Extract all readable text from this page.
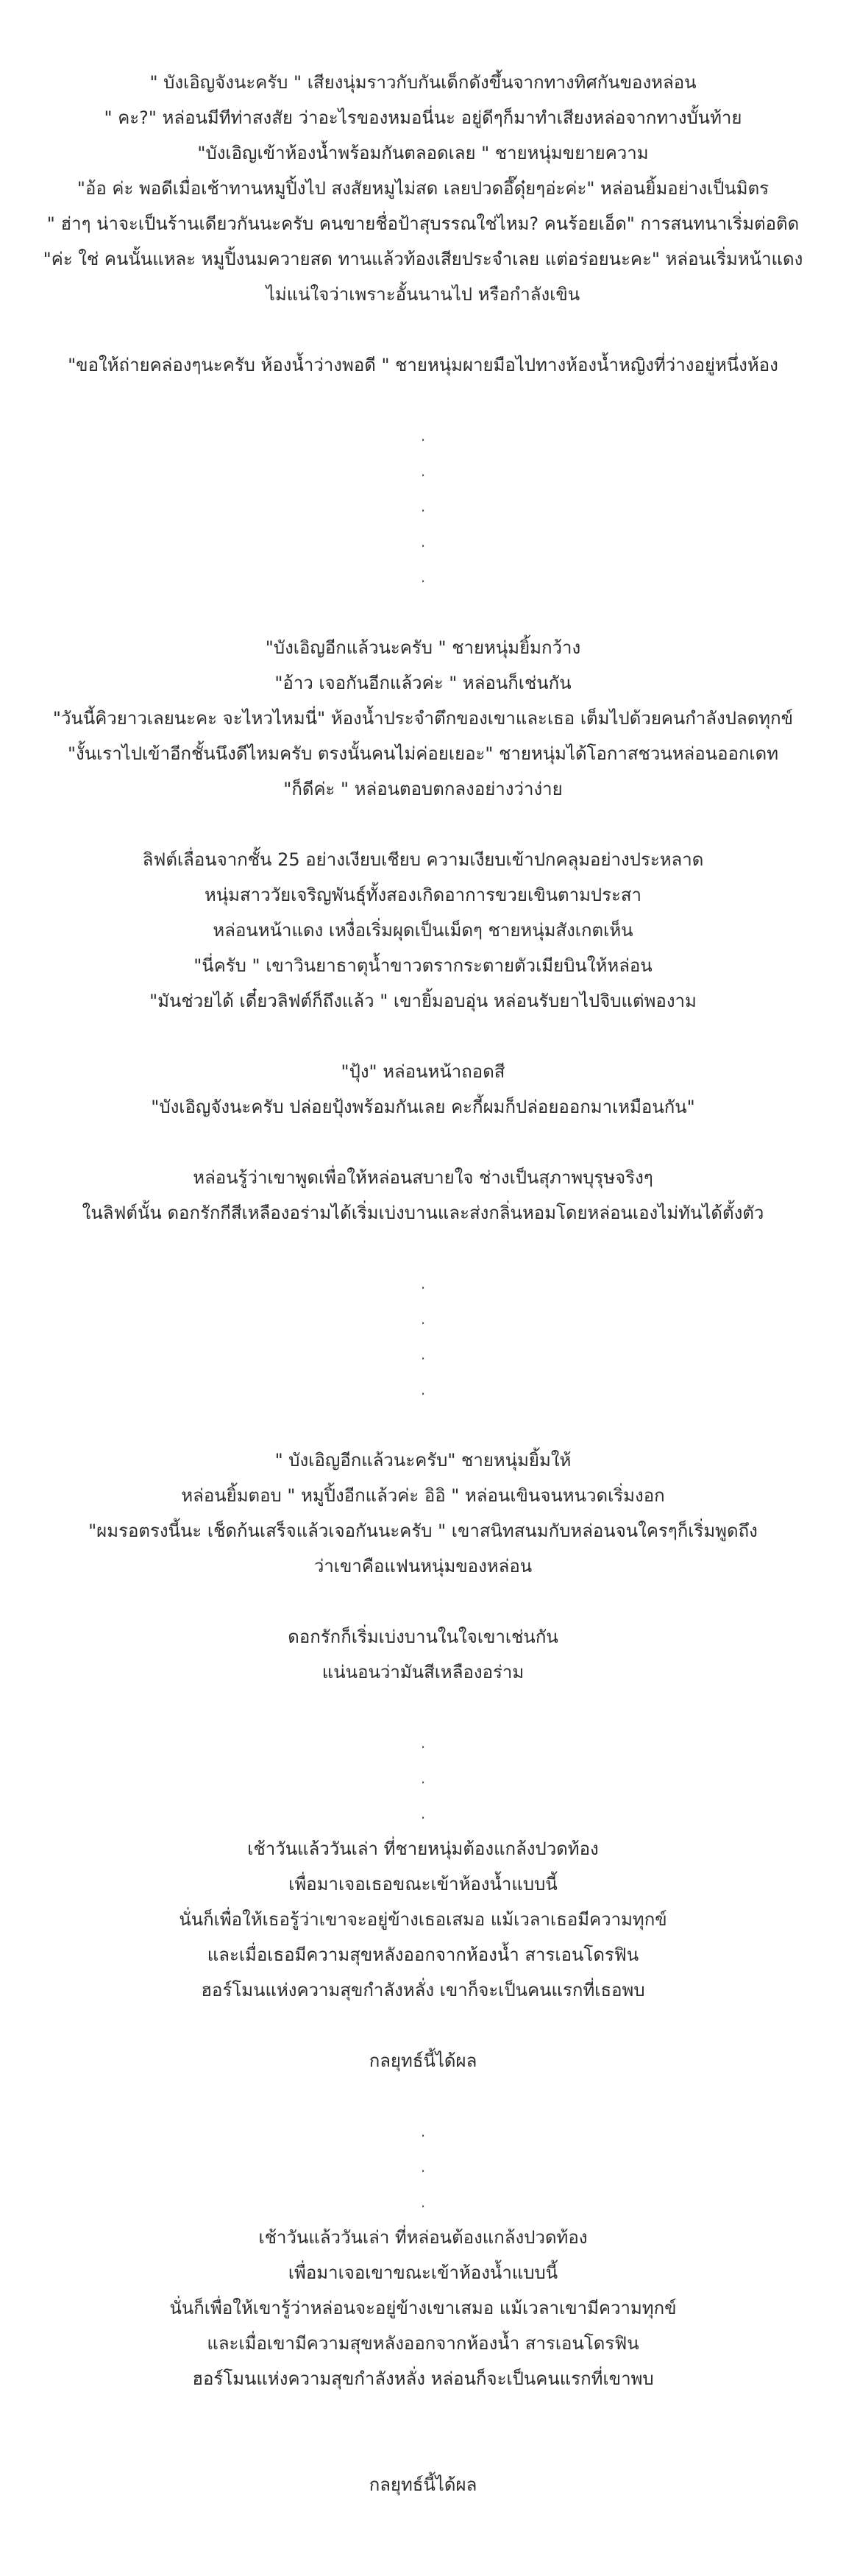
" บังเอิญจังนะครับ " เสียงนุ่มราวกับกันเด็กดังขึ้นจากทางทิศกันของหล่อน

" คะ?" หล่อนมีทีท่าสงสัย ว่าอะไรของหมอนี่นะ อยู่ดีๆก็มาทำเสียงหล่อจากทางบั้นท้าย

"บังเอิญเข้าห้องน้ำพร้อมกันตลอดเลย " ชายหนุ่มขยายความ

"อ้อ ค่ะ พอดีเมื่อเช้าทานหมูปิ้งไป สงสัยหมูไม่สด เลยปวดอึ๊ดุ๋ยๆอ่ะค่ะ" หล่อนยิ้มอย่างเป็นมิตร

" ฮ่าๆ น่าจะเป็นร้านเดียวกันนะครับ คนขายชื่อป้าสุบรรณใช่ไหม? คนร้อยเอ็ด" การสนทนาเริ่มต่อติด

"ค่ะ ใช่ คนนั้นแหละ หมูปิ้งนมควายสด ทานแล้วท้องเสียประจำเลย แต่อร่อยนะคะ" หล่อนเริ่มหน้าแดง

ไม่แน่ใจว่าเพราะอั้นนานไป หรือกำลังเขิน

"ขอให้ถ่ายคล่องๆนะครับ ห้องน้ำว่างพอดี " ชายหนุ่มผายมือไปทางห้องน้ำหญิงที่ว่างอยู่หนึ่งห้อง

.

.

.

.

.

"บังเอิญอีกแล้วนะครับ " ชายหนุ่มยิ้มกว้าง

"อ้าว เจอกันอีกแล้วค่ะ " หล่อนก็เช่นกัน

"วันนี้คิวยาวเลยนะคะ จะไหวไหมนี่" ห้องน้ำประจำตึกของเขาและเธอ เต็มไปด้วยคนกำลังปลดทุกข์

"งั้นเราไปเข้าอีกชั้นนึงดีไหมครับ ตรงนั้นคนไม่ค่อยเยอะ" ชายหนุ่มได้โอกาสชวนหล่อนออกเดท

"ก็ดีค่ะ " หล่อนตอบตกลงอย่างว่าง่าย

ลิฟต์เลื่อนจากชั้น 25 อย่างเงียบเชียบ ความเงียบเข้าปกคลุมอย่างประหลาด

หนุ่มสาววัยเจริญพันธุ์ทั้งสองเกิดอาการขวยเขินตามประสา

หล่อนหน้าแดง เหงื่อเริ่มผุดเป็นเม็ดๆ ชายหนุ่มสังเกตเห็น

"นี่ครับ " เขาวินยาธาตุน้ำขาวตรากระตายตัวเมียบินให้หล่อน

"มันช่วยได้ เดี๋ยวลิฟต์ก็ถึงแล้ว " เขายิ้มอบอุ่น หล่อนรับยาไปจิบแต่พองาม

"ปุ้ง" หล่อนหน้าถอดสี

"บังเอิญจังนะครับ ปล่อยปุ้งพร้อมกันเลย คะกี้ผมก็ปล่อยออกมาเหมือนกัน"

หล่อนรู้ว่าเขาพูดเพื่อให้หล่อนสบายใจ ช่างเป็นสุภาพบุรุษจริงๆ

ในลิฟต์นั้น ดอกรักกีสีเหลืองอร่ามได้เริ่มเบ่งบานและส่งกลิ่นหอมโดยหล่อนเองไม่ทันได้ตั้งตัว

.

.

.

.

" บังเอิญอีกแล้วนะครับ" ชายหนุ่มยิ้มให้

หล่อนยิ้มตอบ " หมูปิ้งอีกแล้วค่ะ อิอิ " หล่อนเขินจนหนวดเริ่มงอก

"ผมรอตรงนี้นะ เช็ดก้นเสร็จแล้วเจอกันนะครับ " เขาสนิทสนมกับหล่อนจนใครๆก็เริ่มพูดถึง

ว่าเขาคือแฟนหนุ่มของหล่อน

ดอกรักก็เริ่มเบ่งบานในใจเขาเช่นกัน

แน่นอนว่ามันสีเหลืองอร่าม

.

.

.

เช้าวันแล้ววันเล่า ที่ชายหนุ่มต้องแกล้งปวดท้อง

เพื่อมาเจอเธอขณะเข้าห้องน้ำแบบนี้

นั่นก็เพื่อให้เธอรู้ว่าเขาจะอยู่ข้างเธอเสมอ แม้เวลาเธอมีความทุกข์

และเมื่อเธอมีความสุขหลังออกจากห้องน้ำ สารเอนโดรฟิน

ฮอร์โมนแห่งความสุขกำลังหลั่ง เขาก็จะเป็นคนแรกที่เธอพบ

กลยุทธ์นี้ได้ผล

.

.

.

เช้าวันแล้ววันเล่า ที่หล่อนต้องแกล้งปวดท้อง

เพื่อมาเจอเขาขณะเข้าห้องน้ำแบบนี้

นั่นก็เพื่อให้เขารู้ว่าหล่อนจะอยู่ข้างเขาเสมอ แม้เวลาเขามีความทุกข์

และเมื่อเขามีความสุขหลังออกจากห้องน้ำ สารเอนโดรฟิน

ฮอร์โมนแห่งความสุขกำลังหลั่ง หล่อนก็จะเป็นคนแรกที่เขาพบ

กลยุทธ์นี้ได้ผล
